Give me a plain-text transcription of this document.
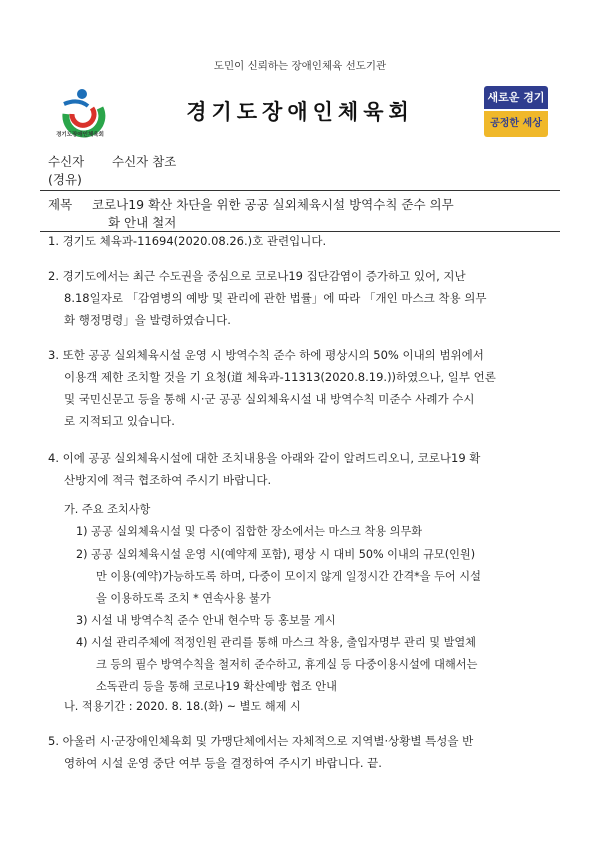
도민이 신뢰하는 장애인체육 선도기관
경기도장애인체육회
경기도장애인체육회
새로운 경기
공정한 세상
수신자 수신자 참조
(경유)
제목 코로나19 확산 차단을 위한 공공 실외체육시설 방역수칙 준수 의무
화 안내 철저
1. 경기도 체육과-11694(2020.08.26.)호 관련입니다.
2. 경기도에서는 최근 수도권을 중심으로 코로나19 집단감염이 증가하고 있어, 지난
8.18일자로 「감염병의 예방 및 관리에 관한 법률」에 따라 「개인 마스크 착용 의무
화 행정명령」을 발령하였습니다.
3. 또한 공공 실외체육시설 운영 시 방역수칙 준수 하에 평상시의 50% 이내의 범위에서
이용객 제한 조치할 것을 기 요청(道 체육과-11313(2020.8.19.))하였으나, 일부 언론
및 국민신문고 등을 통해 시·군 공공 실외체육시설 내 방역수칙 미준수 사례가 수시
로 지적되고 있습니다.
4. 이에 공공 실외체육시설에 대한 조치내용을 아래와 같이 알려드리오니, 코로나19 확
산방지에 적극 협조하여 주시기 바랍니다.
가. 주요 조치사항
1) 공공 실외체육시설 및 다중이 집합한 장소에서는 마스크 착용 의무화
2) 공공 실외체육시설 운영 시(예약제 포함), 평상 시 대비 50% 이내의 규모(인원)
만 이용(예약)가능하도록 하며, 다중이 모이지 않게 일정시간 간격*을 두어 시설
을 이용하도록 조치 * 연속사용 불가
3) 시설 내 방역수칙 준수 안내 현수막 등 홍보물 게시
4) 시설 관리주체에 적정인원 관리를 통해 마스크 착용, 출입자명부 관리 및 발열체
크 등의 필수 방역수칙을 철저히 준수하고, 휴게실 등 다중이용시설에 대해서는
소독관리 등을 통해 코로나19 확산예방 협조 안내
나. 적용기간 : 2020. 8. 18.(화) ~ 별도 해제 시
5. 아울러 시·군장애인체육회 및 가맹단체에서는 자체적으로 지역별·상황별 특성을 반
영하여 시설 운영 중단 여부 등을 결정하여 주시기 바랍니다. 끝.
